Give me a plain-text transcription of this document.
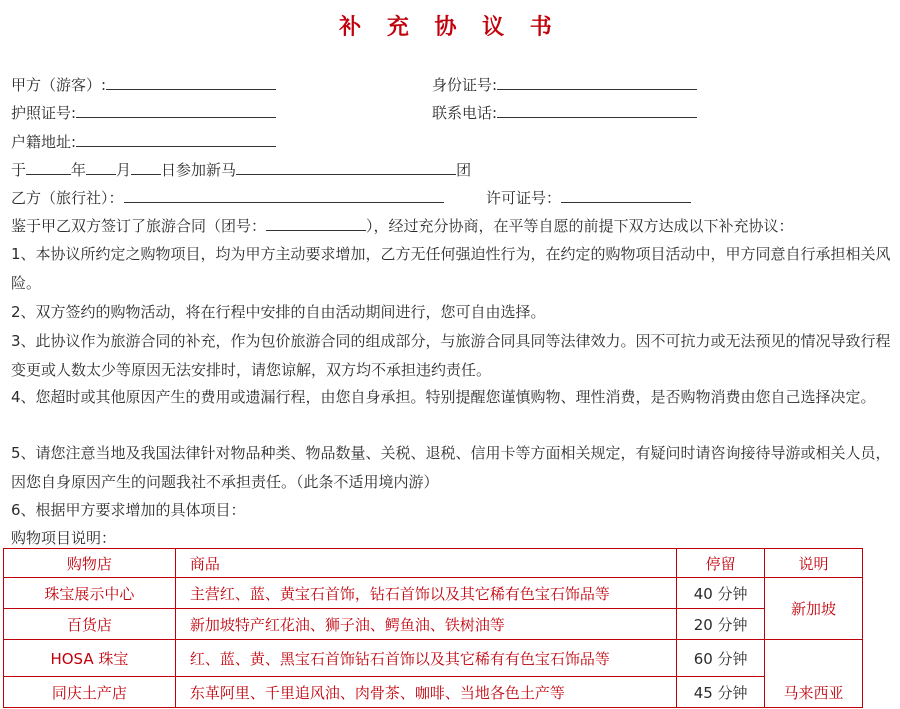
补 充 协 议 书
甲方（游客）:	身份证号:
护照证号:	联系电话:
户籍地址:
于	年 月 日参加新马	团
乙方（旅行社）：	许可证号：
鉴于甲乙双方签订了旅游合同（团号：	），经过充分协商，在平等自愿的前提下双方达成以下补充协议：
1、本协议所约定之购物项目，均为甲方主动要求增加，乙方无任何强迫性行为，在约定的购物项目活动中，甲方同意自行承担相关风险。
2、双方签约的购物活动，将在行程中安排的自由活动期间进行，您可自由选择。
3、此协议作为旅游合同的补充，作为包价旅游合同的组成部分，与旅游合同具同等法律效力。因不可抗力或无法预见的情况导致行程变更或人数太少等原因无法安排时，请您谅解，双方均不承担违约责任。
4、您超时或其他原因产生的费用或遗漏行程，由您自身承担。特别提醒您谨慎购物、理性消费，是否购物消费由您自己选择决定。
5、请您注意当地及我国法律针对物品种类、物品数量、关税、退税、信用卡等方面相关规定，有疑问时请咨询接待导游或相关人员，因您自身原因产生的问题我社不承担责任。（此条不适用境内游）
6、根据甲方要求增加的具体项目：
购物项目说明：
购物店	商品	停留	说明
珠宝展示中心	主营红、蓝、黄宝石首饰，钻石首饰以及其它稀有色宝石饰品等	40 分钟	新加坡
百货店	新加坡特产红花油、狮子油、鳄鱼油、铁树油等	20 分钟	
HOSA 珠宝	红、蓝、黄、黑宝石首饰钻石首饰以及其它稀有有色宝石饰品等	60 分钟	马来西亚
同庆土产店	东革阿里、千里追风油、肉骨茶、咖啡、当地各色土产等	45 分钟	
